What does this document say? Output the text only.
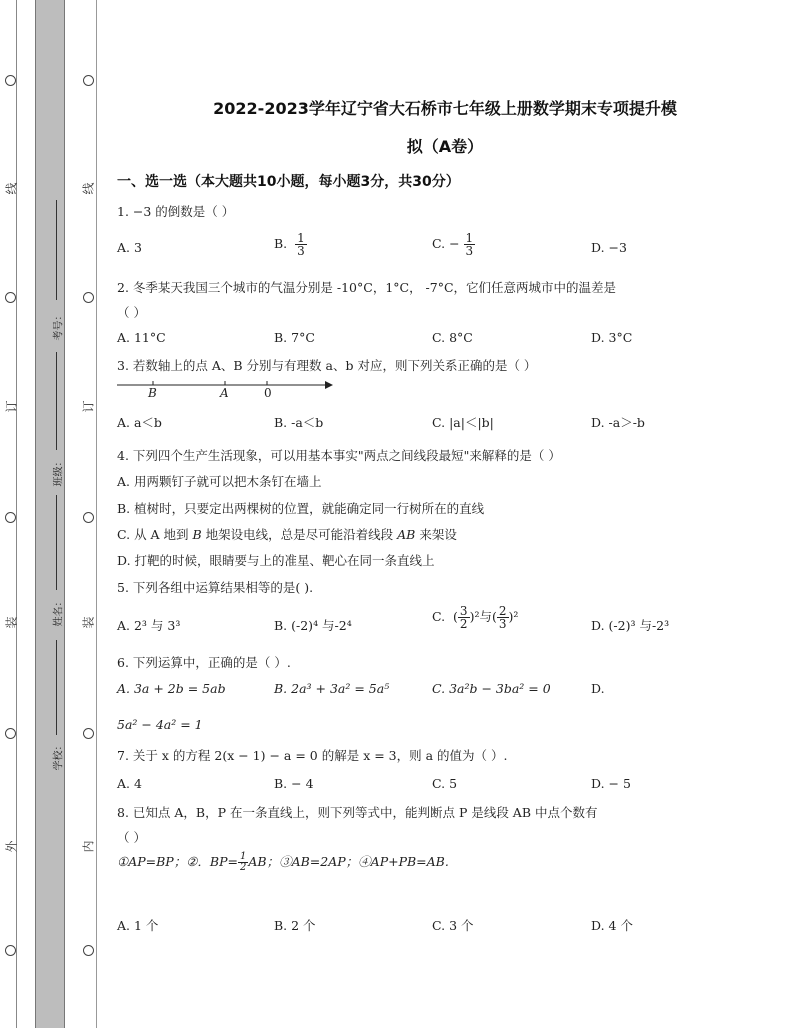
线
订
装
外
线
订
装
内
考号：
班级：
姓名：
学校：
2022-2023学年辽宁省大石桥市七年级上册数学期末专项提升模
拟（A卷）
一、选一选（本大题共10小题，每小题3分，共30分）
1. −3 的倒数是（ ）
A. 3	B. $\frac{1}{3}$	C. − $\frac{1}{3}$	D. −3
2. 冬季某天我国三个城市的气温分别是 -10°C，1°C， -7°C，它们任意两城市中的温差是
（ ）
A. 11°C	B. 7°C	C. 8°C	D. 3°C
3. 若数轴上的点 A、B 分别与有理数 a、b 对应，则下列关系正确的是（ ）
B	A	0
A. a＜b	B. -a＜b	C. |a|＜|b|	D. -a＞-b
4. 下列四个生产生活现象，可以用基本事实"两点之间线段最短"来解释的是（ ）
A. 用两颗钉子就可以把木条钉在墙上
B. 植树时，只要定出两棵树的位置，就能确定同一行树所在的直线
C. 从 A 地到 B 地架设电线，总是尽可能沿着线段 AB 来架设
D. 打靶的时候，眼睛要与上的准星、靶心在同一条直线上
5. 下列各组中运算结果相等的是( ).
A. 2³ 与 3³	B. (-2)⁴ 与-2⁴
C.  ( $\frac{3}{2} )^2$与( $\frac{2}{3} )^2$
D. (-2)³ 与-2³
6. 下列运算中，正确的是（ ）.
A. 3a + 2b = 5ab	B. 2a³ + 3a² = 5a⁵	C. 3a²b − 3ba² = 0	D.
5a² − 4a² = 1
7. 关于 x 的方程 2(x − 1) − a = 0 的解是 x = 3，则 a 的值为（ ）.
A. 4	B. − 4	C. 5	D. − 5
8. 已知点 A，B，P 在一条直线上，则下列等式中，能判断点 P 是线段 AB 中点个数有
（ ）
①AP=BP；②．$BP= \frac{1}{2}$ AB；③AB=2AP；④AP+PB=AB.
A. 1 个	B. 2 个	C. 3 个	D. 4 个
